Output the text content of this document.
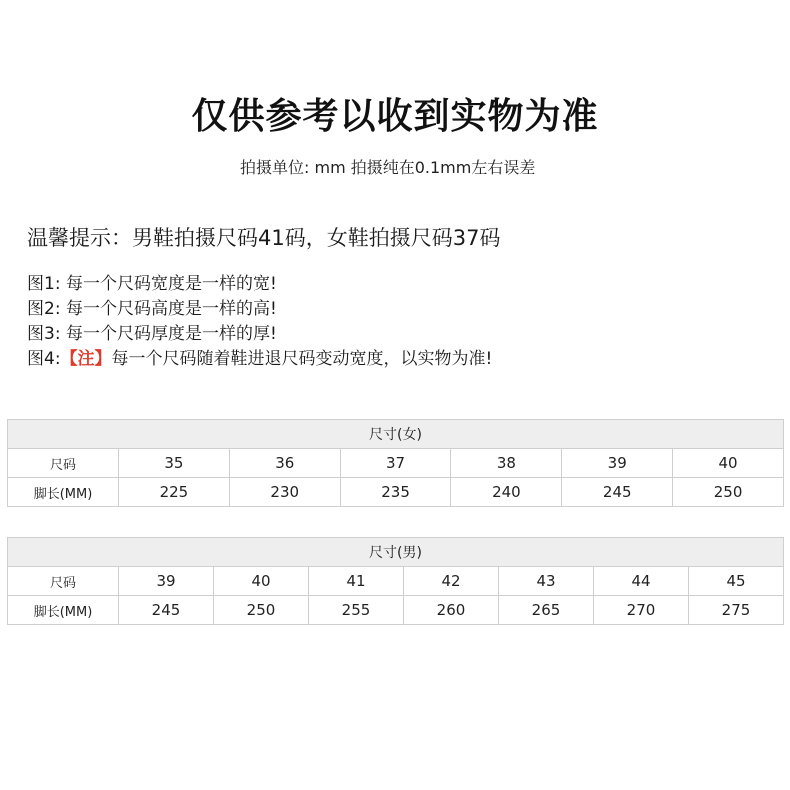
仅供参考以收到实物为准
拍摄单位: mm 拍摄纯在0.1mm左右误差
温馨提示：男鞋拍摄尺码41码，女鞋拍摄尺码37码
图1: 每一个尺码宽度是一样的宽!
图2: 每一个尺码高度是一样的高!
图3: 每一个尺码厚度是一样的厚!
图4:【注】每一个尺码随着鞋进退尺码变动宽度，以实物为准!
尺寸(女)						
尺码	35	36	37	38	39	40
脚长(MM)	225	230	235	240	245	250
尺寸(男)							
尺码	39	40	41	42	43	44	45
脚长(MM)	245	250	255	260	265	270	275
